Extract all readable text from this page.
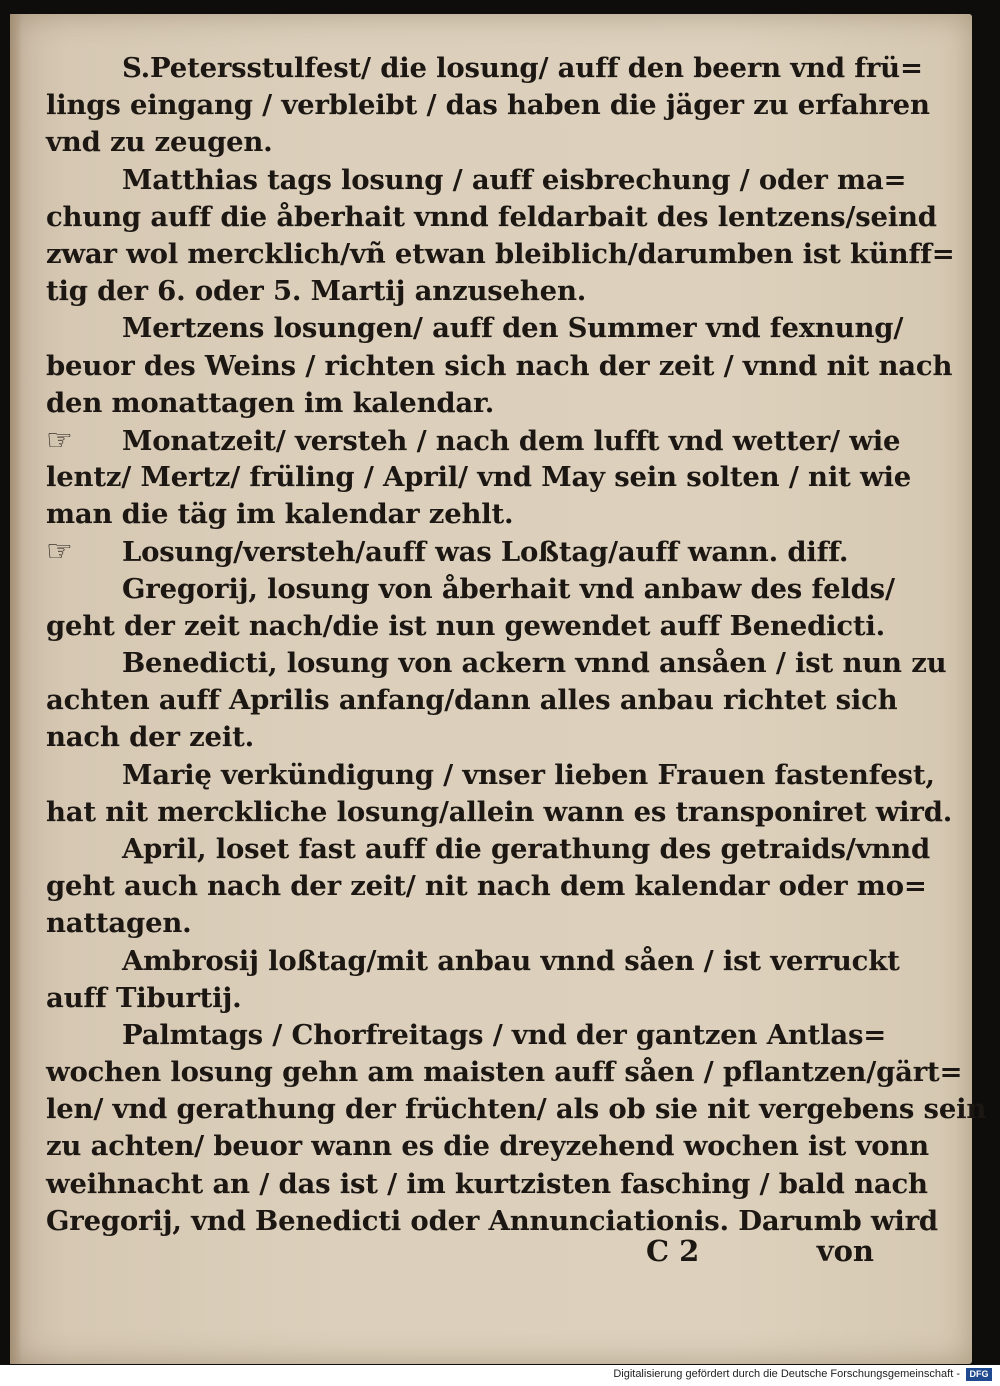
S.Petersstulfest/ die losung/ auff den beern vnd frü=
lings eingang / verbleibt / das haben die jäger zu erfahren
vnd zu zeugen.
Matthias tags losung / auff eisbrechung / oder ma=
chung auff die åberhait vnnd feldarbait des lentzens/seind
zwar wol mercklich/vñ etwan bleiblich/darumben ist künff=
tig der 6. oder 5. Martij anzusehen.
Mertzens losungen/ auff den Summer vnd fexnung/
beuor des Weins / richten sich nach der zeit / vnnd nit nach
den monattagen im kalendar.
☞ Monatzeit/ versteh / nach dem lufft vnd wetter/ wie
lentz/ Mertz/ früling / April/ vnd May sein solten / nit wie
man die täg im kalendar zehlt.
☞ Losung/versteh/auff was Loßtag/auff wann. diff.
Gregorij, losung von åberhait vnd anbaw des felds/
geht der zeit nach/die ist nun gewendet auff Benedicti.
Benedicti, losung von ackern vnnd ansåen / ist nun zu
achten auff Aprilis anfang/dann alles anbau richtet sich
nach der zeit.
Marię verkündigung / vnser lieben Frauen fastenfest,
hat nit merckliche losung/allein wann es transponiret wird.
April, loset fast auff die gerathung des getraids/vnnd
geht auch nach der zeit/ nit nach dem kalendar oder mo=
nattagen.
Ambrosij loßtag/mit anbau vnnd såen / ist verruckt
auff Tiburtij.
Palmtags / Chorfreitags / vnd der gantzen Antlas=
wochen losung gehn am maisten auff såen / pflantzen/gärt=
len/ vnd gerathung der früchten/ als ob sie nit vergebens sein
zu achten/ beuor wann es die dreyzehend wochen ist vonn
weihnacht an / das ist / im kurtzisten fasching / bald nach
Gregorij, vnd Benedicti oder Annunciationis. Darumb wird
C 2	von
Digitalisierung gefördert durch die Deutsche Forschungsgemeinschaft -	DFG
